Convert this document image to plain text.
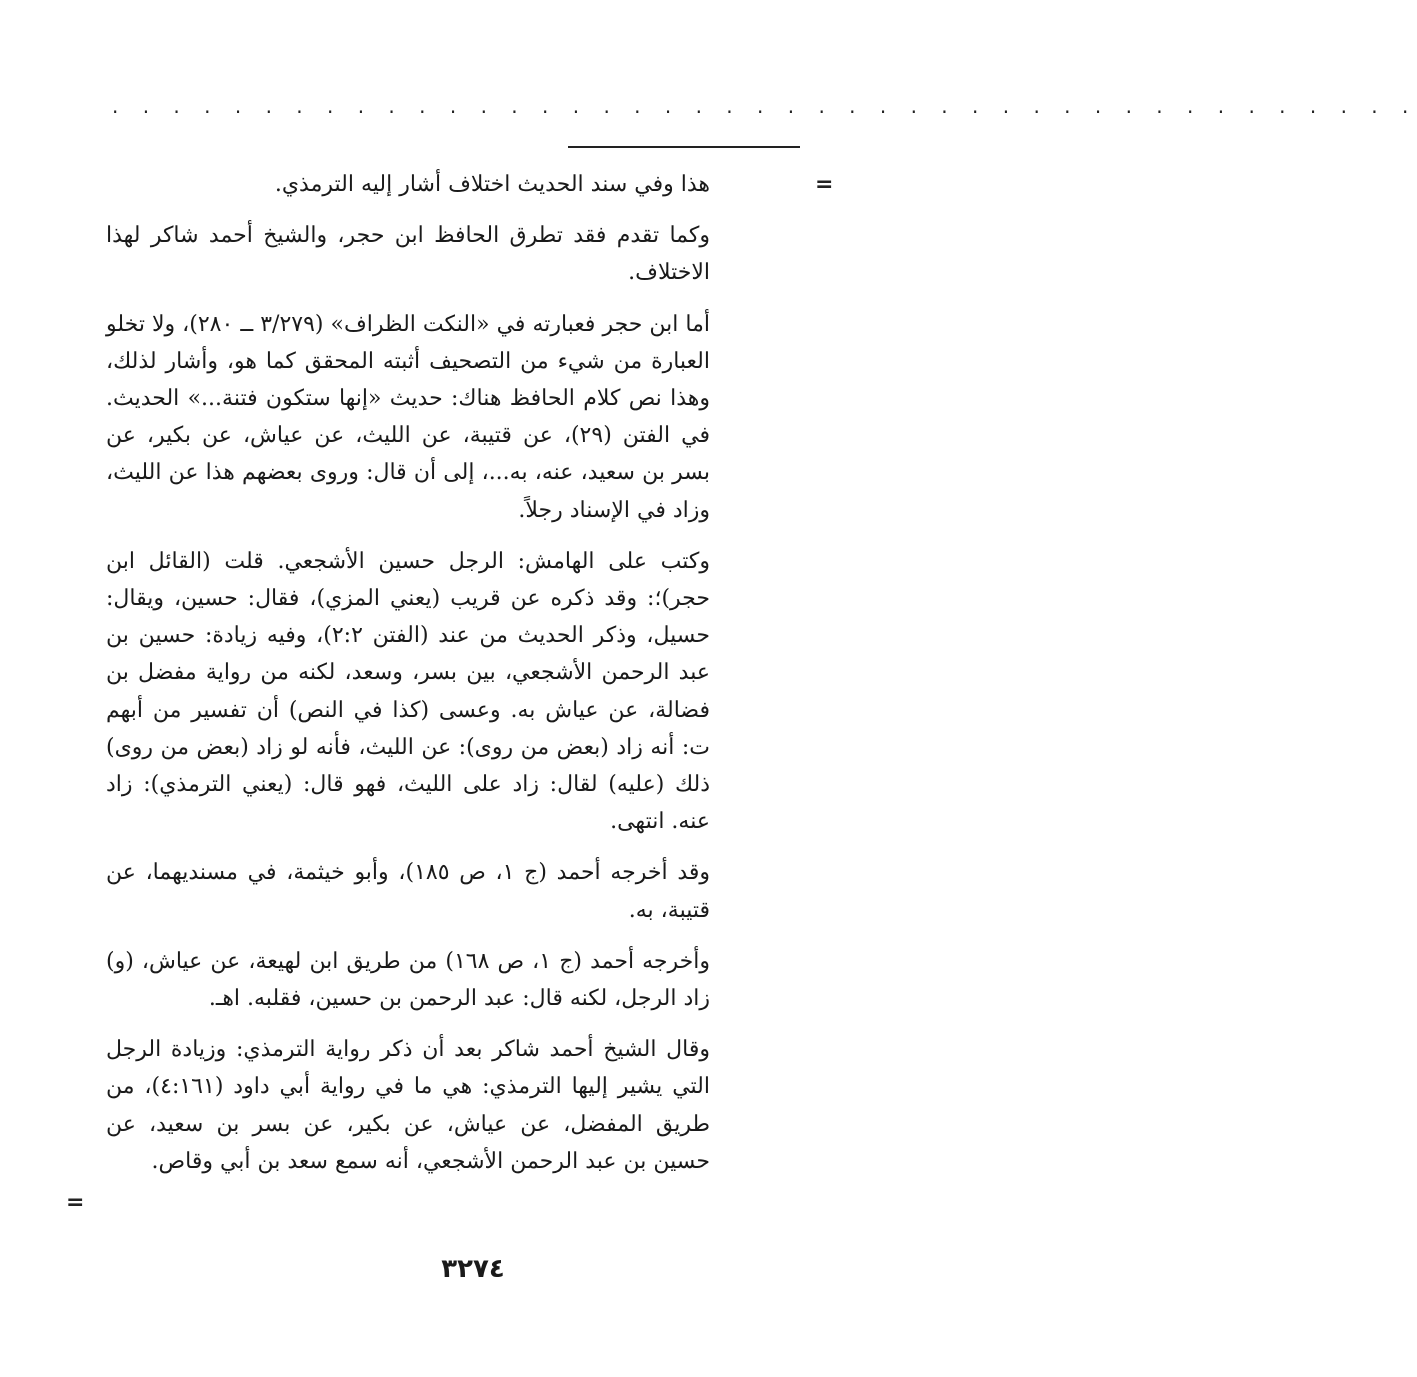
. . . . . . . . . . . . . . . . . . . . . . . . . . . . . . . . . . . . . . . . . . .
=
=

هذا وفي سند الحديث اختلاف أشار إليه الترمذي.

وكما تقدم فقد تطرق الحافظ ابن حجر، والشيخ أحمد شاكر لهذا الاختلاف.

أما ابن حجر فعبارته في «النكت الظراف» (٣/٢٧٩ ــ ٢٨٠)، ولا تخلو العبارة من شيء من التصحيف أثبته المحقق كما هو، وأشار لذلك، وهذا نص كلام الحافظ هناك: حديث «إنها ستكون فتنة...» الحديث. في الفتن (٢٩)، عن قتيبة، عن الليث، عن عياش، عن بكير، عن بسر بن سعيد، عنه، به...، إلى أن قال: وروى بعضهم هذا عن الليث، وزاد في الإسناد رجلاً.

وكتب على الهامش: الرجل حسين الأشجعي. قلت (القائل ابن حجر)؛: وقد ذكره عن قريب (يعني المزي)، فقال: حسين، ويقال: حسيل، وذكر الحديث من عند (الفتن ٢:٢)، وفيه زيادة: حسين بن عبد الرحمن الأشجعي، بين بسر، وسعد، لكنه من رواية مفضل بن فضالة، عن عياش به. وعسى (كذا في النص) أن تفسير من أبهم ت: أنه زاد (بعض من روى): عن الليث، فأنه لو زاد (بعض من روى) ذلك (عليه) لقال: زاد على الليث، فهو قال: (يعني الترمذي): زاد عنه. انتهى.

وقد أخرجه أحمد (ج ١، ص ١٨٥)، وأبو خيثمة، في مسنديهما، عن قتيبة، به.

وأخرجه أحمد (ج ١، ص ١٦٨) من طريق ابن لهيعة، عن عياش، (و) زاد الرجل، لكنه قال: عبد الرحمن بن حسين، فقلبه. اهـ.

وقال الشيخ أحمد شاكر بعد أن ذكر رواية الترمذي: وزيادة الرجل التي يشير إليها الترمذي: هي ما في رواية أبي داود (٤:١٦١)، من طريق المفضل، عن عياش، عن بكير، عن بسر بن سعيد، عن حسين بن عبد الرحمن الأشجعي، أنه سمع سعد بن أبي وقاص.

٣٢٧٤
